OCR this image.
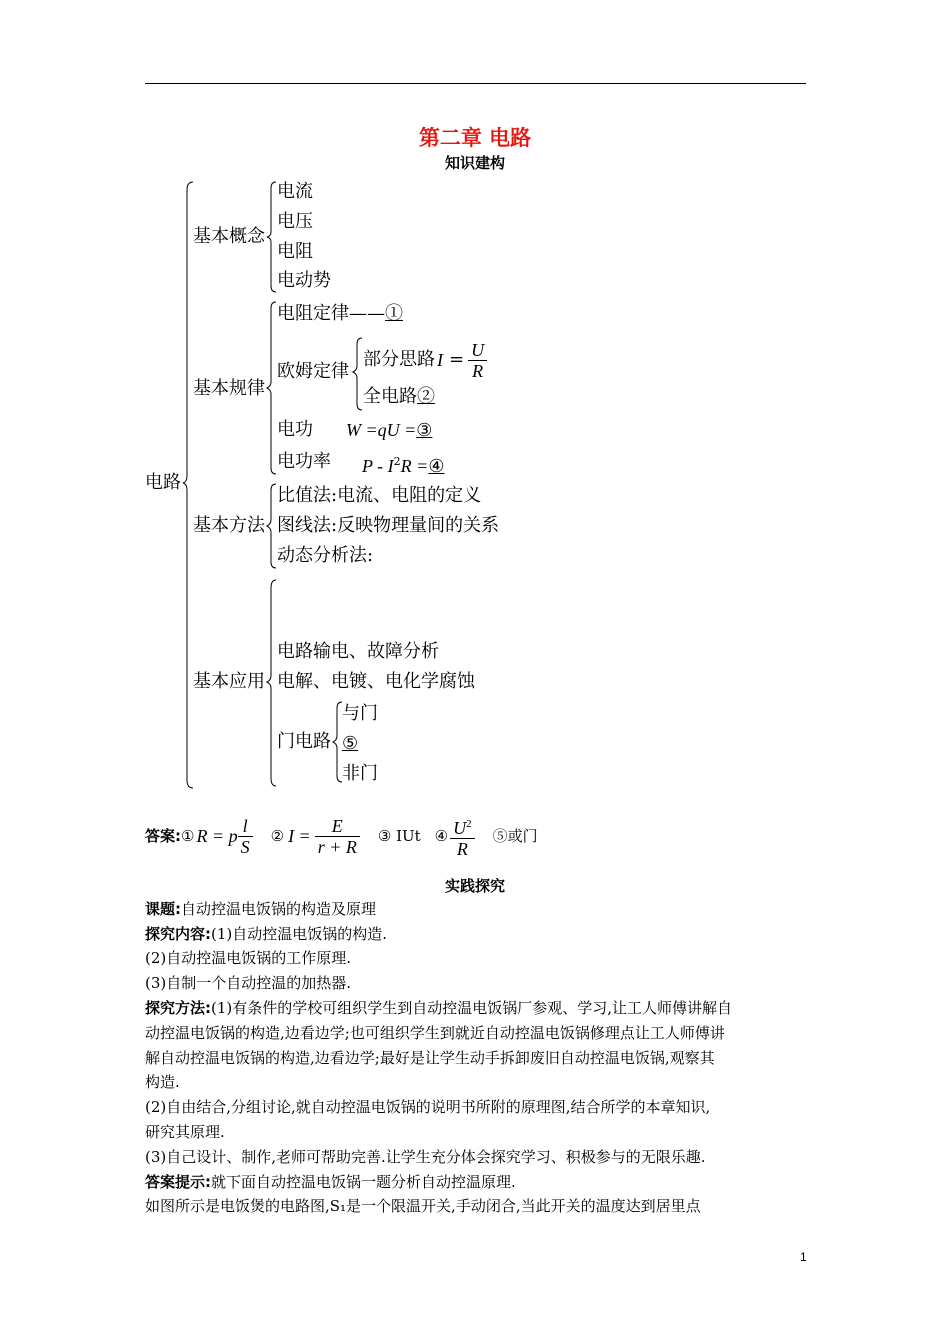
第二章 电路
知识建构
电路
基本概念
电流
电压
电阻
电动势
基本规律
电阻定律——①
欧姆定律
部分思路 $I = \frac{U}{R}$
全电路②
电功 W =qU =③
电功率 P - $I^2R$ =④
基本方法
比值法:电流、电阻的定义
图线法:反映物理量间的关系
动态分析法:
基本应用
电路输电、故障分析
电解、电镀、电化学腐蚀
门电路
与门
⑤
非门
答案: ① R = p $\frac{l}{S}$ ② $I = \frac{E}{r + R}$ ③ IUt ④ $\frac{U^2}{R}$ ⑤或门
实践探究
课题:自动控温电饭锅的构造及原理
探究内容:(1)自动控温电饭锅的构造.
(2)自动控温电饭锅的工作原理.
(3)自制一个自动控温的加热器.
探究方法:(1)有条件的学校可组织学生到自动控温电饭锅厂参观、学习,让工人师傅讲解自
动控温电饭锅的构造,边看边学;也可组织学生到就近自动控温电饭锅修理点让工人师傅讲
解自动控温电饭锅的构造,边看边学;最好是让学生动手拆卸废旧自动控温电饭锅,观察其
构造.
(2)自由结合,分组讨论,就自动控温电饭锅的说明书所附的原理图,结合所学的本章知识,
研究其原理.
(3)自己设计、制作,老师可帮助完善.让学生充分体会探究学习、积极参与的无限乐趣.
答案提示:就下面自动控温电饭锅一题分析自动控温原理.
如图所示是电饭煲的电路图,S₁是一个限温开关,手动闭合,当此开关的温度达到居里点
1
